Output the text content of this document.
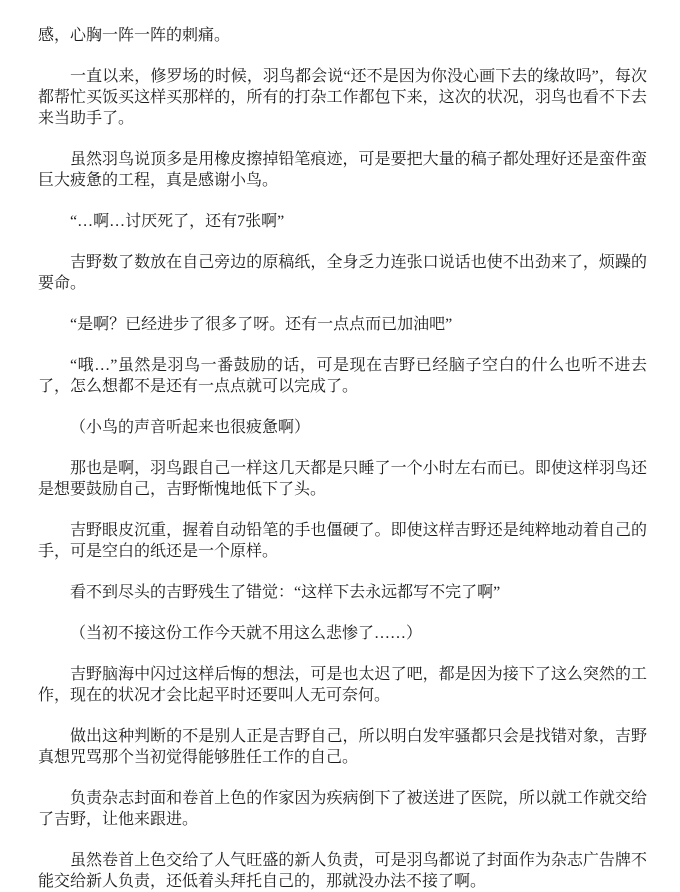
感，心胸一阵一阵的刺痛。

一直以来，修罗场的时候，羽鸟都会说“还不是因为你没心画下去的缘故吗”，每次都帮忙买饭买这样买那样的，所有的打杂工作都包下来，这次的状况，羽鸟也看不下去来当助手了。

虽然羽鸟说顶多是用橡皮擦掉铅笔痕迹，可是要把大量的稿子都处理好还是蛮件蛮巨大疲惫的工程，真是感谢小鸟。

“…啊…讨厌死了，还有7张啊”

吉野数了数放在自己旁边的原稿纸，全身乏力连张口说话也使不出劲来了，烦躁的要命。

“是啊？已经进步了很多了呀。还有一点点而已加油吧”

“哦…”虽然是羽鸟一番鼓励的话，可是现在吉野已经脑子空白的什么也听不进去了，怎么想都不是还有一点点就可以完成了。

（小鸟的声音听起来也很疲惫啊）

那也是啊，羽鸟跟自己一样这几天都是只睡了一个小时左右而已。即使这样羽鸟还是想要鼓励自己，吉野惭愧地低下了头。

吉野眼皮沉重，握着自动铅笔的手也僵硬了。即使这样吉野还是纯粹地动着自己的手，可是空白的纸还是一个原样。

看不到尽头的吉野残生了错觉：“这样下去永远都写不完了啊”

（当初不接这份工作今天就不用这么悲惨了……）

吉野脑海中闪过这样后悔的想法，可是也太迟了吧，都是因为接下了这么突然的工作，现在的状况才会比起平时还要叫人无可奈何。

做出这种判断的不是别人正是吉野自己，所以明白发牢骚都只会是找错对象，吉野真想咒骂那个当初觉得能够胜任工作的自己。

负责杂志封面和卷首上色的作家因为疾病倒下了被送进了医院，所以就工作就交给了吉野，让他来跟进。

虽然卷首上色交给了人气旺盛的新人负责，可是羽鸟都说了封面作为杂志广告牌不能交给新人负责，还低着头拜托自己的，那就没办法不接了啊。
